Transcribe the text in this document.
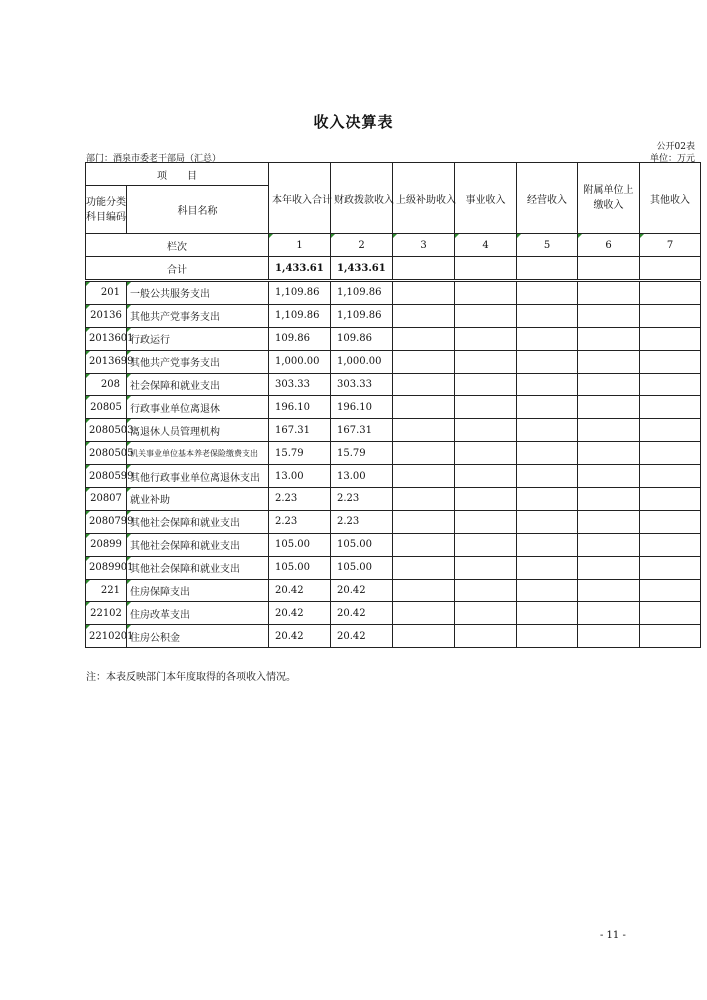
收入决算表
公开02表
部门：酒泉市委老干部局（汇总）	单位：万元
项　　目		本年收入合计	财政拨款收入	上级补助收入	事业收入	经营收入	附属单位上缴收入	其他收入
功能分类
科目编码	科目名称							
栏次		1	2	3	4	5	6	7
合计		1,433.61	1,433.61					
201	一般公共服务支出	1,109.86	1,109.86					
20136	其他共产党事务支出	1,109.86	1,109.86					
2013601	行政运行	109.86	109.86					
2013699	其他共产党事务支出	1,000.00	1,000.00					
208	社会保障和就业支出	303.33	303.33					
20805	行政事业单位离退休	196.10	196.10					
2080503	离退休人员管理机构	167.31	167.31					
2080505	机关事业单位基本养老保险缴费支出	15.79	15.79					
2080599	其他行政事业单位离退休支出	13.00	13.00					
20807	就业补助	2.23	2.23					
2080799	其他社会保障和就业支出	2.23	2.23					
20899	其他社会保障和就业支出	105.00	105.00					
2089901	其他社会保障和就业支出	105.00	105.00					
221	住房保障支出	20.42	20.42					
22102	住房改革支出	20.42	20.42					
2210201	住房公积金	20.42	20.42					
注：本表反映部门本年度取得的各项收入情况。
- 11 -
